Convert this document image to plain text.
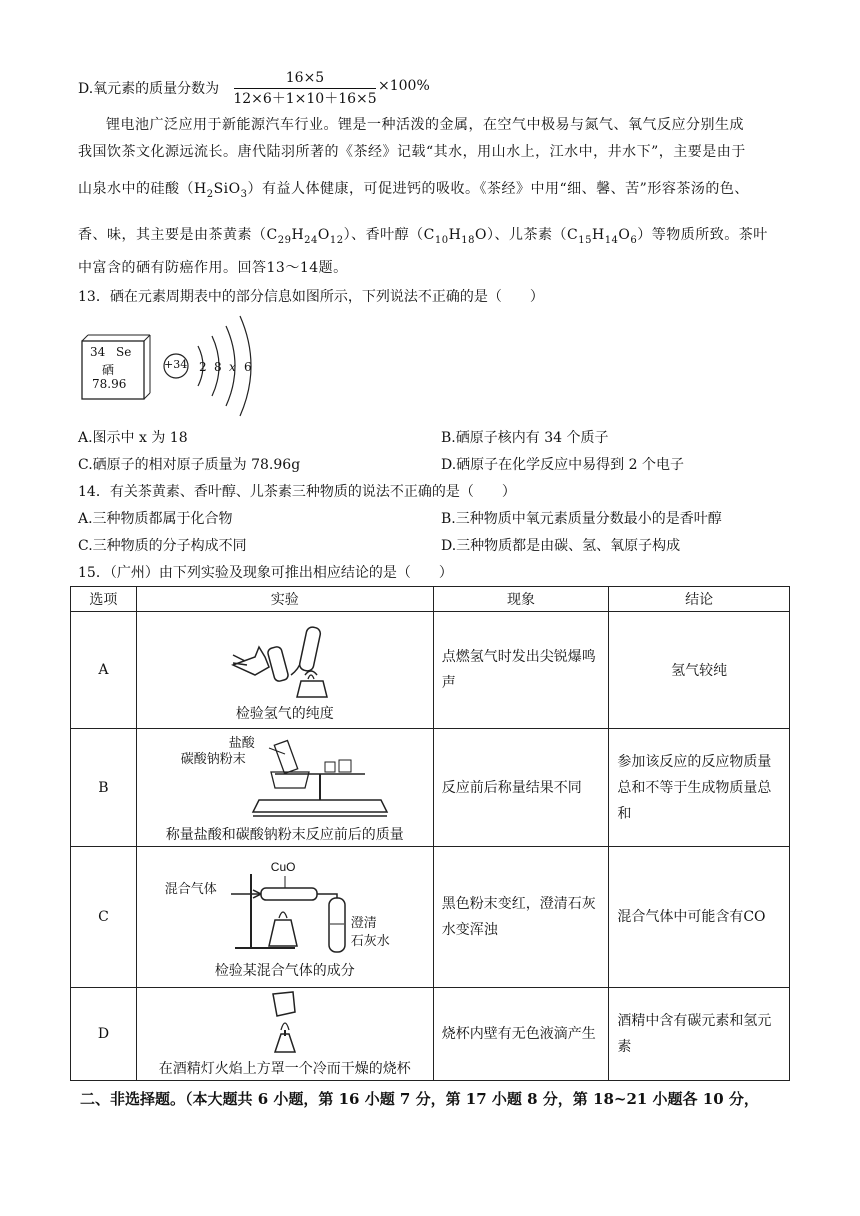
D.氧元素的质量分数为
16×5
12×6＋1×10＋16×5
×100%
锂电池广泛应用于新能源汽车行业。锂是一种活泼的金属，在空气中极易与氮气、氧气反应分别生成
我国饮茶文化源远流长。唐代陆羽所著的《茶经》记载“其水，用山水上，江水中，井水下”，主要是由于
山泉水中的硅酸$(H_2SiO_3)$有益人体健康，可促进钙的吸收。《茶经》中用“细、馨、苦”形容茶汤的色、
香、味，其主要是由茶黄素$(C_{29}H_{24}O_{12})$、香叶醇$(C_{10}H_{18}O)$、儿茶素$(C_{15}H_{14}O_6)$等物质所致。茶叶
中富含的硒有防癌作用。回答13～14题。
13．硒在元素周期表中的部分信息如图所示，下列说法不正确的是（　　）
34 Se
硒
78.96
+34 2 8 x 6
A.图示中 x 为 18	B.硒原子核内有 34 个质子
C.硒原子的相对原子质量为 78.96g	D.硒原子在化学反应中易得到 2 个电子
14．有关茶黄素、香叶醇、儿茶素三种物质的说法不正确的是（　　）
A.三种物质都属于化合物	B.三种物质中氧元素质量分数最小的是香叶醇
C.三种物质的分子构成不同	D.三种物质都是由碳、氢、氧原子构成
15．（广州）由下列实验及现象可推出相应结论的是（　　）
选项	实验	现象	结论
A	检验氢气的纯度	点燃氢气时发出尖锐爆鸣声	氢气较纯
B	盐酸
碳酸钠粉末
称量盐酸和碳酸钠粉末反应前后的质量	反应前后称量结果不同	参加该反应的反应物质量总和不等于生成物质量总和
C	CuO
混合气体
澄清
石灰水
检验某混合气体的成分	黑色粉末变红，澄清石灰水变浑浊	混合气体中可能含有CO
D	在酒精灯火焰上方罩一个冷而干燥的烧杯	烧杯内壁有无色液滴产生	酒精中含有碳元素和氢元素
二、非选择题。（本大题共 6 小题，第 16 小题 7 分，第 17 小题 8 分，第 18~21 小题各 10 分，
